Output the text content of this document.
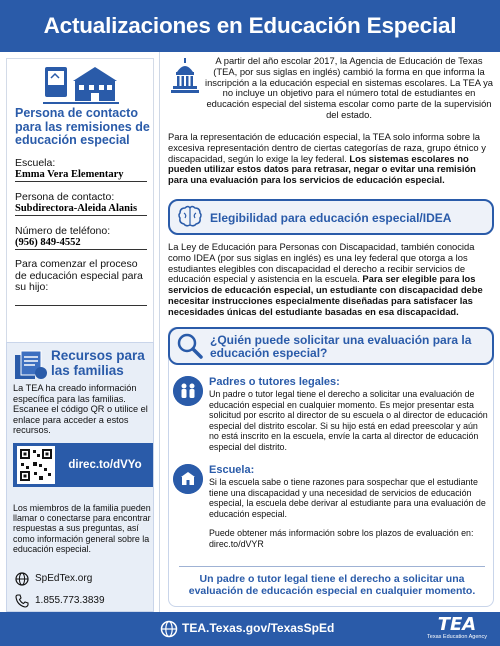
Actualizaciones en Educación Especial
Persona de contacto para las remisiones de educación especial
Escuela:
Emma Vera Elementary
Persona de contacto:
Subdirectora-Aleida Alanis
Número de teléfono:
(956) 849-4552
Para comenzar el proceso de educación especial para su hijo:
Recursos para las familias
La TEA ha creado información específica para las familias. Escanee el código QR o utilice el enlace para acceder a estos recursos.
direc.to/dVYo
Los miembros de la familia pueden llamar o conectarse para encontrar respuestas a sus preguntas, así como información general sobre la educación especial.
SpEdTex.org
1.855.773.3839
A partir del año escolar 2017, la Agencia de Educación de Texas (TEA, por sus siglas en inglés) cambió la forma en que informa la inscripción a la educación especial en sistemas escolares. La TEA ya no incluye un objetivo para el número total de estudiantes en educación especial del sistema escolar como parte de la supervisión del estado.
Para la representación de educación especial, la TEA solo informa sobre la excesiva representación dentro de ciertas categorías de raza, grupo étnico y discapacidad, según lo exige la ley federal. Los sistemas escolares no pueden utilizar estos datos para retrasar, negar o evitar una remisión para una evaluación para los servicios de educación especial.
Elegibilidad para educación especial/IDEA
La Ley de Educación para Personas con Discapacidad, también conocida como IDEA (por sus siglas en inglés) es una ley federal que otorga a los estudiantes elegibles con discapacidad el derecho a recibir servicios de educación especial y asistencia en la escuela. Para ser elegible para los servicios de educación especial, un estudiante con discapacidad debe necesitar instrucciones especialmente diseñadas para satisfacer las necesidades únicas del estudiante basadas en esa discapacidad.
¿Quién puede solicitar una evaluación para la educación especial?
Padres o tutores legales:
Un padre o tutor legal tiene el derecho a solicitar una evaluación de educación especial en cualquier momento. Es mejor presentar esta solicitud por escrito al director de su escuela o al director de educación especial del distrito escolar. Si su hijo está en edad preescolar y aún no está inscrito en la escuela, envíe la carta al director de educación especial del distrito.
Escuela:
Si la escuela sabe o tiene razones para sospechar que el estudiante tiene una discapacidad y una necesidad de servicios de educación especial, la escuela debe derivar al estudiante para una evaluación de educación especial.
Puede obtener más información sobre los plazos de evaluación en: direc.to/dVYR
Un padre o tutor legal tiene el derecho a solicitar una evaluación de educación especial en cualquier momento.
TEA.Texas.gov/TexasSpEd	TEA
Texas Education Agency
